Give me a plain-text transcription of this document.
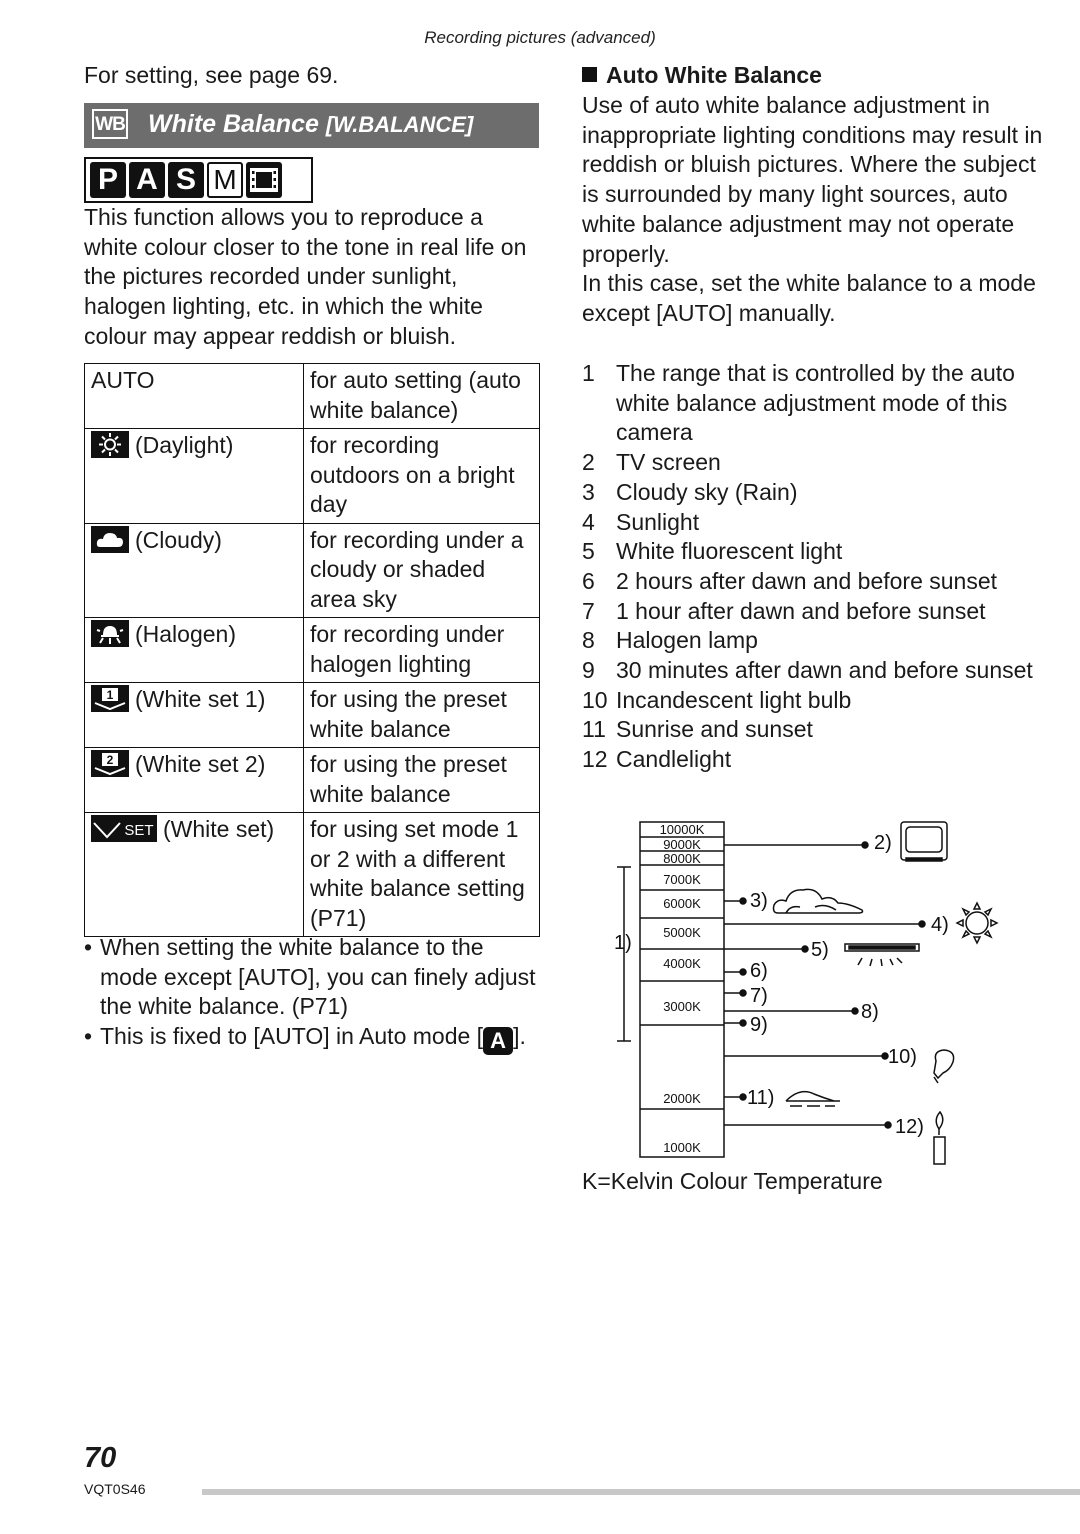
Recording pictures (advanced)
For setting, see page 69.
WB White Balance [W.BALANCE]
P A S M
This function allows you to reproduce a white colour closer to the tone in real life on the pictures recorded under sunlight, halogen lighting, etc. in which the white colour may appear reddish or bluish.
AUTO	for auto setting (auto white balance)
(Daylight)	for recording outdoors on a bright day
(Cloudy)	for recording under a cloudy or shaded area sky
(Halogen)	for recording under halogen lighting

1 (White set 1)	for using the preset white balance

2 (White set 2)	for using the preset white balance

SET (White set)	for using set mode 1 or 2 with a different white balance setting (P71)
• When setting the white balance to the mode except [AUTO], you can finely adjust the white balance. (P71)
• This is fixed to [AUTO] in Auto mode [ A ].
Auto White Balance
Use of auto white balance adjustment in inappropriate lighting conditions may result in reddish or bluish pictures. Where the subject is surrounded by many light sources, auto white balance adjustment may not operate properly.
In this case, set the white balance to a mode except [AUTO] manually.
1 The range that is controlled by the auto white balance adjustment mode of this camera
2 TV screen
3 Cloudy sky (Rain)
4 Sunlight
5 White fluorescent light
6 2 hours after dawn and before sunset
7 1 hour after dawn and before sunset
8 Halogen lamp
9 30 minutes after dawn and before sunset
10 Incandescent light bulb
11 Sunrise and sunset
12 Candlelight
10000K
9000K
8000K
7000K
6000K
5000K
4000K
3000K
2000K
1000K
1)
2)
3)
4)
5)
6)
7)
8)
9)
10)
11)
12)
K=Kelvin Colour Temperature
70
VQT0S46
